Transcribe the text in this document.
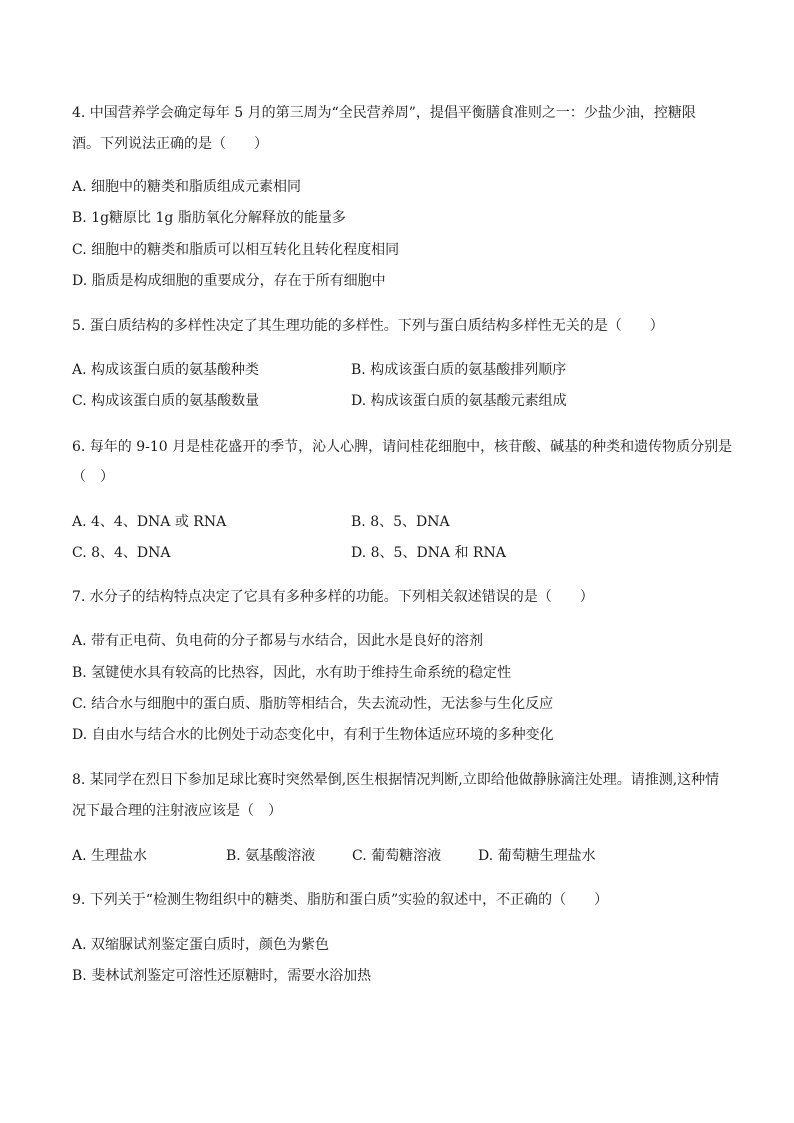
4. 中国营养学会确定每年 5 月的第三周为“全民营养周”，提倡平衡膳食准则之一：少盐少油，控糖限
酒。下列说法正确的是（　　）
A. 细胞中的糖类和脂质组成元素相同
B. 1g糖原比 1g 脂肪氧化分解释放的能量多
C. 细胞中的糖类和脂质可以相互转化且转化程度相同
D. 脂质是构成细胞的重要成分，存在于所有细胞中
5. 蛋白质结构的多样性决定了其生理功能的多样性。下列与蛋白质结构多样性无关的是（　　）
A. 构成该蛋白质的氨基酸种类	B. 构成该蛋白质的氨基酸排列顺序
C. 构成该蛋白质的氨基酸数量	D. 构成该蛋白质的氨基酸元素组成
6. 每年的 9-10 月是桂花盛开的季节，沁人心脾，请问桂花细胞中，核苷酸、碱基的种类和遗传物质分别是
（　）
A. 4、4、DNA 或 RNA	B. 8、5、DNA
C. 8、4、DNA	D. 8、5、DNA 和 RNA
7. 水分子的结构特点决定了它具有多种多样的功能。下列相关叙述错误的是（　　）
A. 带有正电荷、负电荷的分子都易与水结合，因此水是良好的溶剂
B. 氢键使水具有较高的比热容，因此，水有助于维持生命系统的稳定性
C. 结合水与细胞中的蛋白质、脂肪等相结合，失去流动性，无法参与生化反应
D. 自由水与结合水的比例处于动态变化中，有利于生物体适应环境的多种变化
8. 某同学在烈日下参加足球比赛时突然晕倒,医生根据情况判断,立即给他做静脉滴注处理。请推测,这种情
况下最合理的注射液应该是（　）
A. 生理盐水	B. 氨基酸溶液	C. 葡萄糖溶液	D. 葡萄糖生理盐水
9. 下列关于“检测生物组织中的糖类、脂肪和蛋白质”实验的叙述中，不正确的（　　）
A. 双缩脲试剂鉴定蛋白质时，颜色为紫色
B. 斐林试剂鉴定可溶性还原糖时，需要水浴加热
